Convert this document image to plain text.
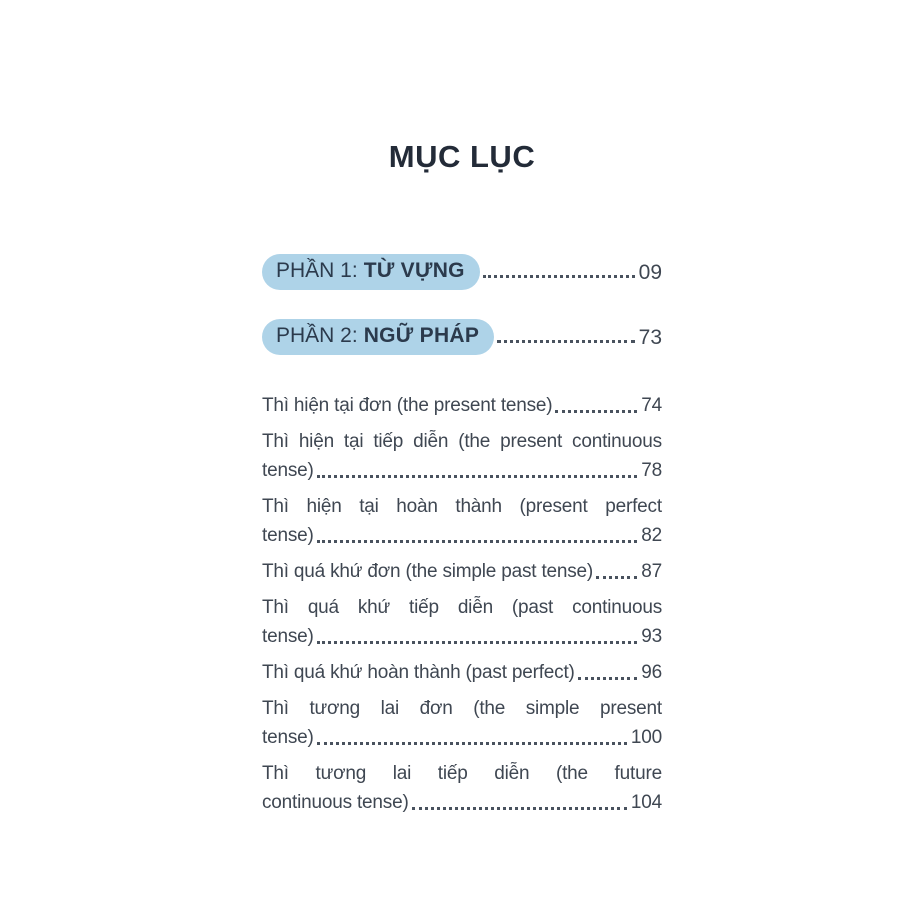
MỤC LỤC
PHẦN 1: TỪ VỰNG	09
PHẦN 2: NGỮ PHÁP	73
Thì hiện tại đơn (the present tense)	74
Thì hiện tại tiếp diễn (the present continuous
tense)	78
Thì hiện tại hoàn thành (present perfect
tense)	82
Thì quá khứ đơn (the simple past tense)	87
Thì quá khứ tiếp diễn (past continuous
tense)	93
Thì quá khứ hoàn thành (past perfect)	96
Thì tương lai đơn (the simple present
tense)	100
Thì tương lai tiếp diễn (the future
continuous tense)	104
